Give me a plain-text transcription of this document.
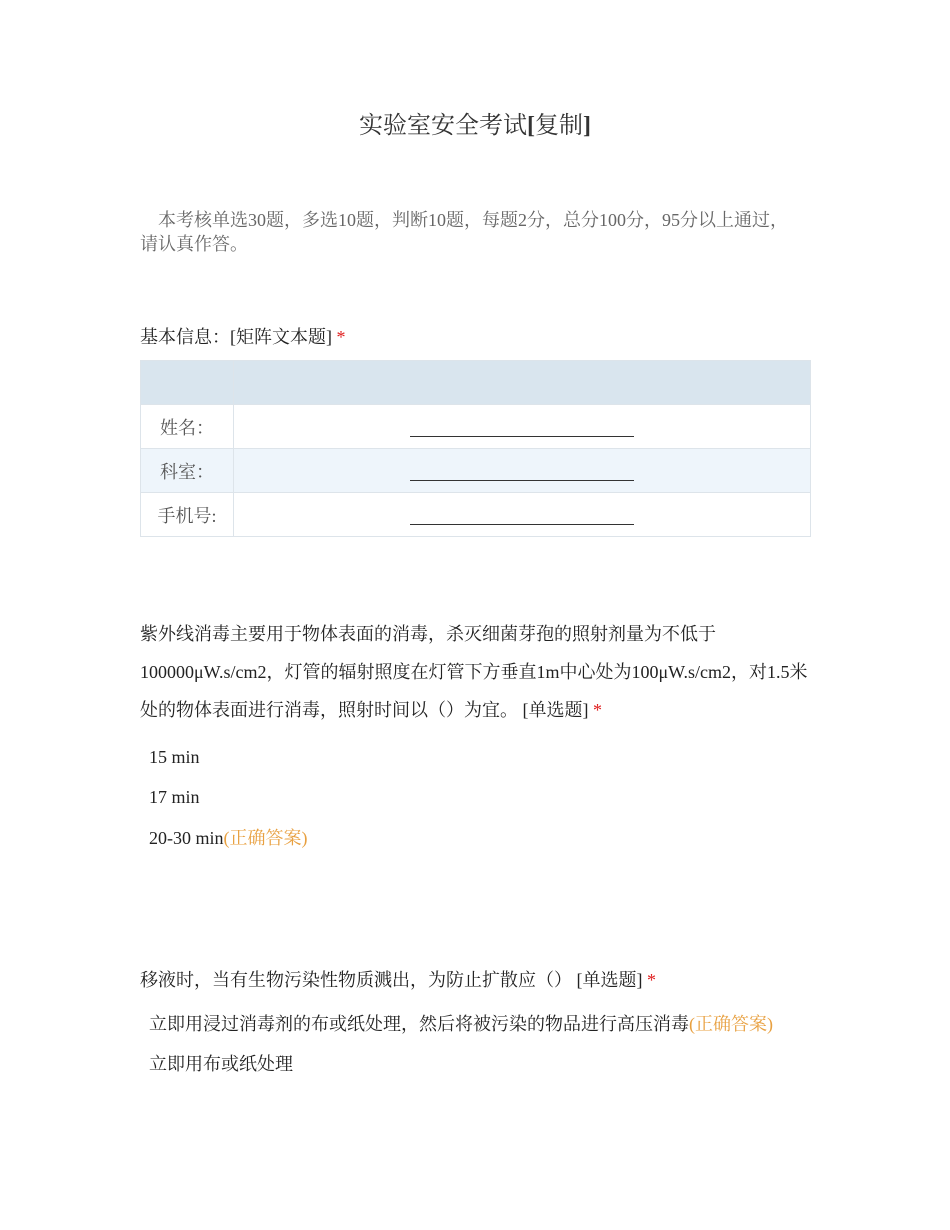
实验室安全考试[复制]
本考核单选30题，多选10题，判断10题，每题2分，总分100分，95分以上通过，请认真作答。
基本信息：[矩阵文本题] *

姓名：	
科室：	
手机号:	
紫外线消毒主要用于物体表面的消毒，杀灭细菌芽孢的照射剂量为不低于100000μW.s/cm2，灯管的辐射照度在灯管下方垂直1m中心处为100μW.s/cm2，对1.5米处的物体表面进行消毒，照射时间以（）为宜。 [单选题] *
15 min
17 min
20-30 min(正确答案)
移液时，当有生物污染性物质溅出，为防止扩散应（） [单选题] *
立即用浸过消毒剂的布或纸处理，然后将被污染的物品进行高压消毒(正确答案)
立即用布或纸处理
